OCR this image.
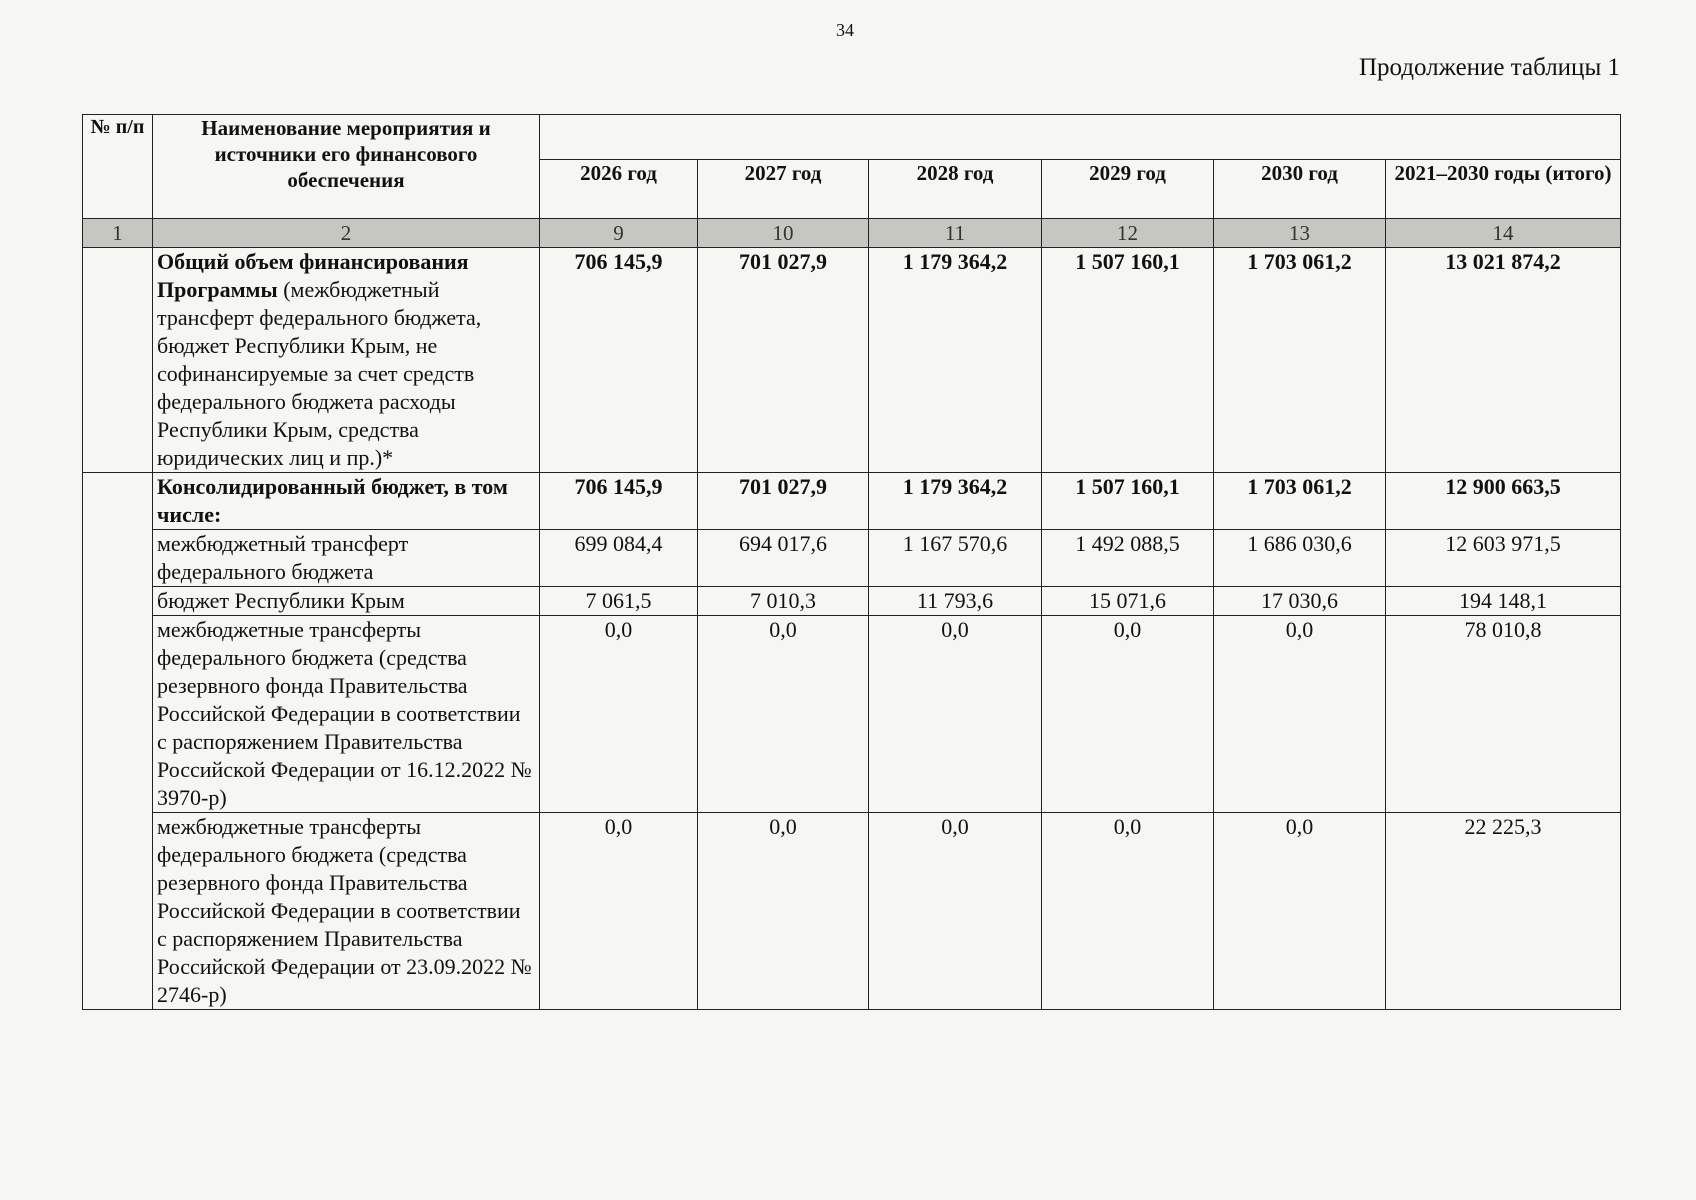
34
Продолжение таблицы 1
№ п/п	Наименование мероприятия и источники его финансового обеспечения						
		2026 год	2027 год	2028 год	2029 год	2030 год	2021–2030 годы (итого)
1	2	9	10	11	12	13	14
	Общий объем финансирования Программы (межбюджетный трансферт федерального бюджета, бюджет Республики Крым, не софинансируемые за счет средств федерального бюджета расходы Республики Крым, средства юридических лиц и пр.)*	706 145,9	701 027,9	1 179 364,2	1 507 160,1	1 703 061,2	13 021 874,2
	Консолидированный бюджет, в том числе:	706 145,9	701 027,9	1 179 364,2	1 507 160,1	1 703 061,2	12 900 663,5
	межбюджетный трансферт федерального бюджета	699 084,4	694 017,6	1 167 570,6	1 492 088,5	1 686 030,6	12 603 971,5
	бюджет Республики Крым	7 061,5	7 010,3	11 793,6	15 071,6	17 030,6	194 148,1
	межбюджетные трансферты федерального бюджета (средства резервного фонда Правительства Российской Федерации в соответствии с распоряжением Правительства Российской Федерации от 16.12.2022 № 3970-р)	0,0	0,0	0,0	0,0	0,0	78 010,8
	межбюджетные трансферты федерального бюджета (средства резервного фонда Правительства Российской Федерации в соответствии с распоряжением Правительства Российской Федерации от 23.09.2022 № 2746-р)	0,0	0,0	0,0	0,0	0,0	22 225,3
